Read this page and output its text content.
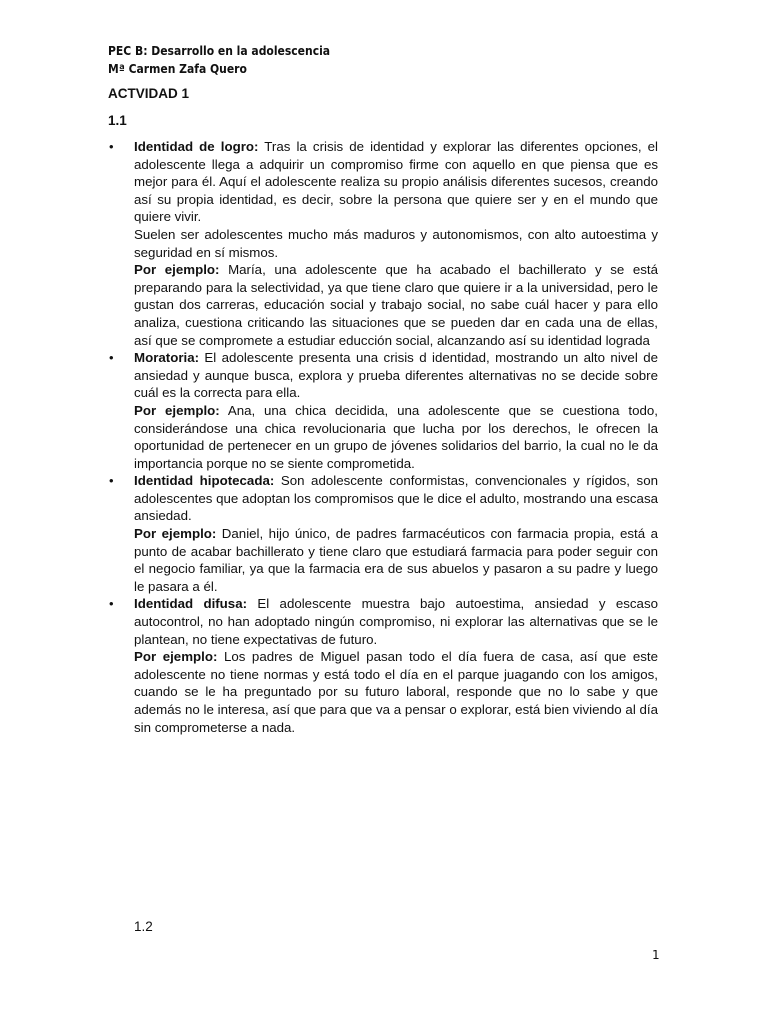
PEC B: Desarrollo en la adolescencia
Mª Carmen Zafa Quero
ACTVIDAD 1
1.1
• Identidad de logro: Tras la crisis de identidad y explorar las diferentes opciones, el adolescente llega a adquirir un compromiso firme con aquello en que piensa que es mejor para él. Aquí el adolescente realiza su propio análisis diferentes sucesos, creando así su propia identidad, es decir, sobre la persona que quiere ser y en el mundo que quiere vivir.

Suelen ser adolescentes mucho más maduros y autonomismos, con alto autoestima y seguridad en sí mismos.

Por ejemplo: María, una adolescente que ha acabado el bachillerato y se está preparando para la selectividad, ya que tiene claro que quiere ir a la universidad, pero le gustan dos carreras, educación social y trabajo social, no sabe cuál hacer y para ello analiza, cuestiona criticando las situaciones que se pueden dar en cada una de ellas, así que se compromete a estudiar educción social, alcanzando así su identidad lograda

• Moratoria: El adolescente presenta una crisis d identidad, mostrando un alto nivel de ansiedad y aunque busca, explora y prueba diferentes alternativas no se decide sobre cuál es la correcta para ella.

Por ejemplo: Ana, una chica decidida, una adolescente que se cuestiona todo, considerándose una chica revolucionaria que lucha por los derechos, le ofrecen la oportunidad de pertenecer en un grupo de jóvenes solidarios del barrio, la cual no le da importancia porque no se siente comprometida.

• Identidad hipotecada: Son adolescente conformistas, convencionales y rígidos, son adolescentes que adoptan los compromisos que le dice el adulto, mostrando una escasa ansiedad.

Por ejemplo: Daniel, hijo único, de padres farmacéuticos con farmacia propia, está a punto de acabar bachillerato y tiene claro que estudiará farmacia para poder seguir con el negocio familiar, ya que la farmacia era de sus abuelos y pasaron a su padre y luego le pasara a él.

• Identidad difusa: El adolescente muestra bajo autoestima, ansiedad y escaso autocontrol, no han adoptado ningún compromiso, ni explorar las alternativas que se le plantean, no tiene expectativas de futuro.

Por ejemplo: Los padres de Miguel pasan todo el día fuera de casa, así que este adolescente no tiene normas y está todo el día en el parque juagando con los amigos, cuando se le ha preguntado por su futuro laboral, responde que no lo sabe y que además no le interesa, así que para que va a pensar o explorar, está bien viviendo al día sin comprometerse a nada.

1.2
1
